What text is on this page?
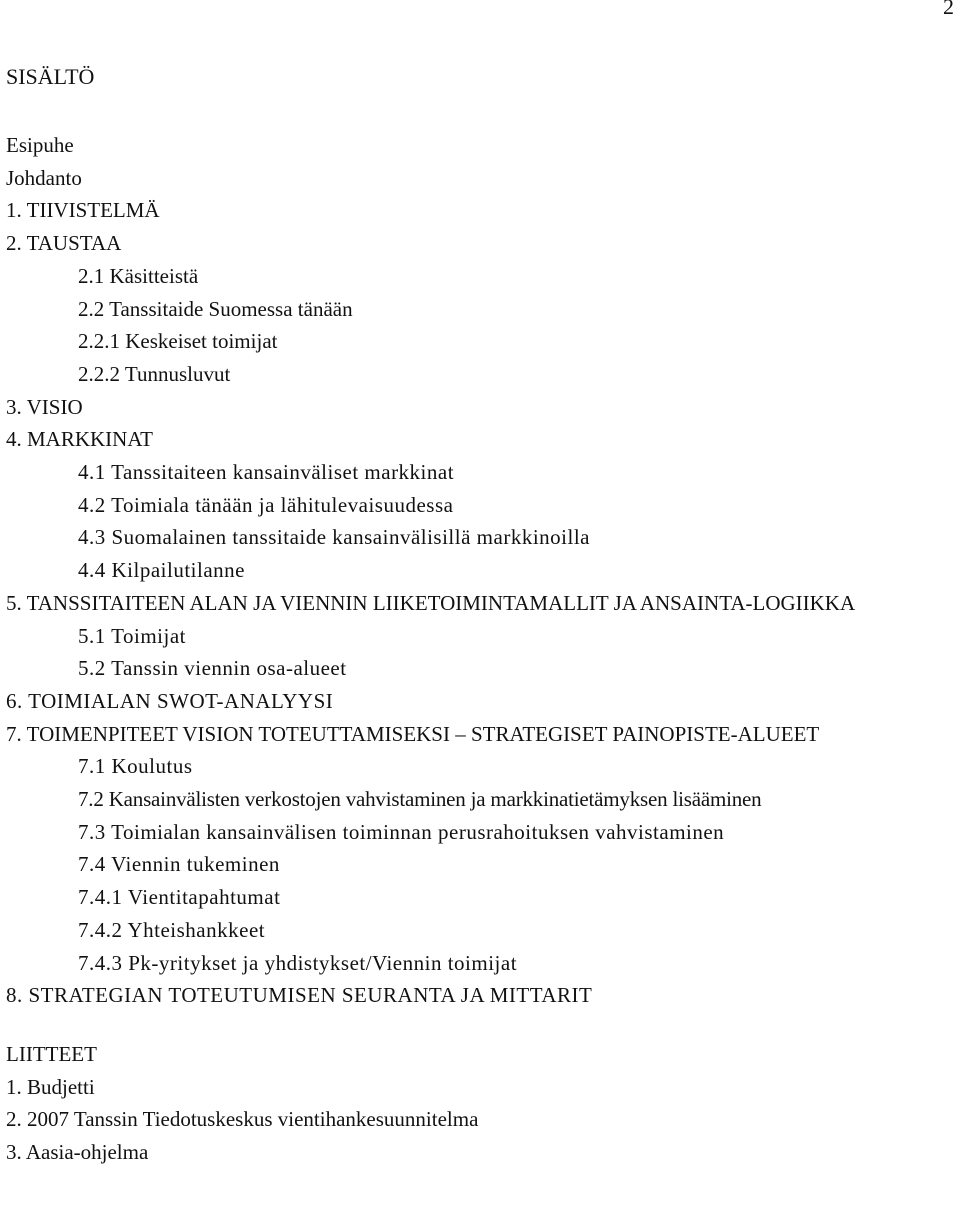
2
SISÄLTÖ
Esipuhe
Johdanto
1. TIIVISTELMÄ
2. TAUSTAA
2.1 Käsitteistä
2.2 Tanssitaide Suomessa tänään
2.2.1 Keskeiset toimijat
2.2.2 Tunnusluvut
3. VISIO
4. MARKKINAT
4.1 Tanssitaiteen kansainväliset markkinat
4.2 Toimiala tänään ja lähitulevaisuudessa
4.3 Suomalainen tanssitaide kansainvälisillä markkinoilla
4.4 Kilpailutilanne
5. TANSSITAITEEN ALAN JA VIENNIN LIIKETOIMINTAMALLIT JA ANSAINTA-LOGIIKKA
5.1 Toimijat
5.2 Tanssin viennin osa-alueet
6. TOIMIALAN SWOT-ANALYYSI
7. TOIMENPITEET VISION TOTEUTTAMISEKSI – STRATEGISET PAINOPISTE-ALUEET
7.1 Koulutus
7.2 Kansainvälisten verkostojen vahvistaminen ja markkinatietämyksen lisääminen
7.3 Toimialan kansainvälisen toiminnan perusrahoituksen vahvistaminen
7.4 Viennin tukeminen
7.4.1 Vientitapahtumat
7.4.2 Yhteishankkeet
7.4.3 Pk-yritykset ja yhdistykset/Viennin toimijat
8. STRATEGIAN TOTEUTUMISEN SEURANTA JA MITTARIT
LIITTEET
1. Budjetti
2. 2007 Tanssin Tiedotuskeskus vientihankesuunnitelma
3. Aasia-ohjelma
